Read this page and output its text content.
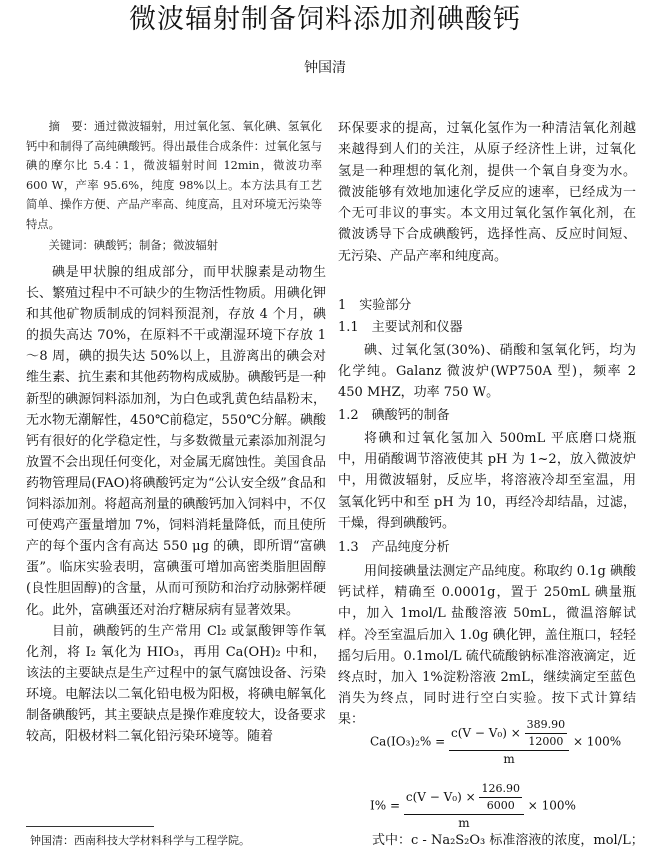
微波辐射制备饲料添加剂碘酸钙
钟国清

摘　要：通过微波辐射，用过氧化氢、氧化碘、氢氧化钙中和制得了高纯碘酸钙。得出最佳合成条件：过氧化氢与碘的摩尔比 5.4∶1，微波辐射时间 12min，微波功率 600 W，产率 95.6%，纯度 98%以上。本方法具有工艺简单、操作方便、产品产率高、纯度高，且对环境无污染等特点。

关键词：碘酸钙；制备；微波辐射

碘是甲状腺的组成部分，而甲状腺素是动物生长、繁殖过程中不可缺少的生物活性物质。用碘化钾和其他矿物质制成的饲料预混剂，存放 4 个月，碘的损失高达 70%，在原料不干或潮湿环境下存放 1～8 周，碘的损失达 50%以上，且游离出的碘会对维生素、抗生素和其他药物构成威胁。碘酸钙是一种新型的碘源饲料添加剂，为白色或乳黄色结晶粉末，无水物无潮解性，450℃前稳定，550℃分解。碘酸钙有很好的化学稳定性，与多数微量元素添加剂混匀放置不会出现任何变化，对金属无腐蚀性。美国食品药物管理局(FAO)将碘酸钙定为“公认安全级”食品和饲料添加剂。将超高剂量的碘酸钙加入饲料中，不仅可使鸡产蛋量增加 7%，饲料消耗量降低，而且使所产的每个蛋内含有高达 550 μg 的碘，即所谓“富碘蛋”。临床实验表明，富碘蛋可增加高密类脂胆固醇(良性胆固醇)的含量，从而可预防和治疗动脉粥样硬化。此外，富碘蛋还对治疗糖尿病有显著效果。

目前，碘酸钙的生产常用 Cl₂ 或氯酸钾等作氧化剂，将 I₂ 氧化为 HIO₃，再用 Ca(OH)₂ 中和，该法的主要缺点是生产过程中的氯气腐蚀设备、污染环境。电解法以二氧化铅电极为阳极，将碘电解氧化制备碘酸钙，其主要缺点是操作难度较大，设备要求较高，阳极材料二氧化铅污染环境等。随着

环保要求的提高，过氧化氢作为一种清洁氧化剂越来越得到人们的关注，从原子经济性上讲，过氧化氢是一种理想的氧化剂，提供一个氧自身变为水。微波能够有效地加速化学反应的速率，已经成为一个无可非议的事实。本文用过氧化氢作氧化剂，在微波诱导下合成碘酸钙，选择性高、反应时间短、无污染、产品产率和纯度高。

1　实验部分
1.1　主要试剂和仪器

碘、过氧化氢(30%)、硝酸和氢氧化钙，均为化学纯。Galanz 微波炉(WP750A 型)，频率 2 450 MHZ，功率 750 W。

1.2　碘酸钙的制备

将碘和过氧化氢加入 500mL 平底磨口烧瓶中，用硝酸调节溶液使其 pH 为 1~2，放入微波炉中，用微波辐射，反应毕，将溶液冷却至室温，用氢氧化钙中和至 pH 为 10，再经冷却结晶，过滤，干燥，得到碘酸钙。

1.3　产品纯度分析

用间接碘量法测定产品纯度。称取约 0.1g 碘酸钙试样，精确至 0.0001g，置于 250mL 碘量瓶中，加入 1mol/L 盐酸溶液 50mL，微温溶解试样。冷至室温后加入 1.0g 碘化钾，盖住瓶口，轻轻摇匀后用。0.1mol/L 硫代硫酸钠标准溶液滴定，近终点时，加入 1%淀粉溶液 2mL，继续滴定至蓝色消失为终点，同时进行空白实验。按下式计算结果：

$Ca(IO_3)_2\% = \frac{c(V - V_0) \times \frac{389.90}{12000}}{m} \times 100\%$
$I\% = \frac{c(V - V_0) \times \frac{126.90}{6000}}{m} \times 100\%$
式中：c - Na₂S₂O₃ 标准溶液的浓度，mol/L；
钟国清：西南科技大学材料科学与工程学院。
